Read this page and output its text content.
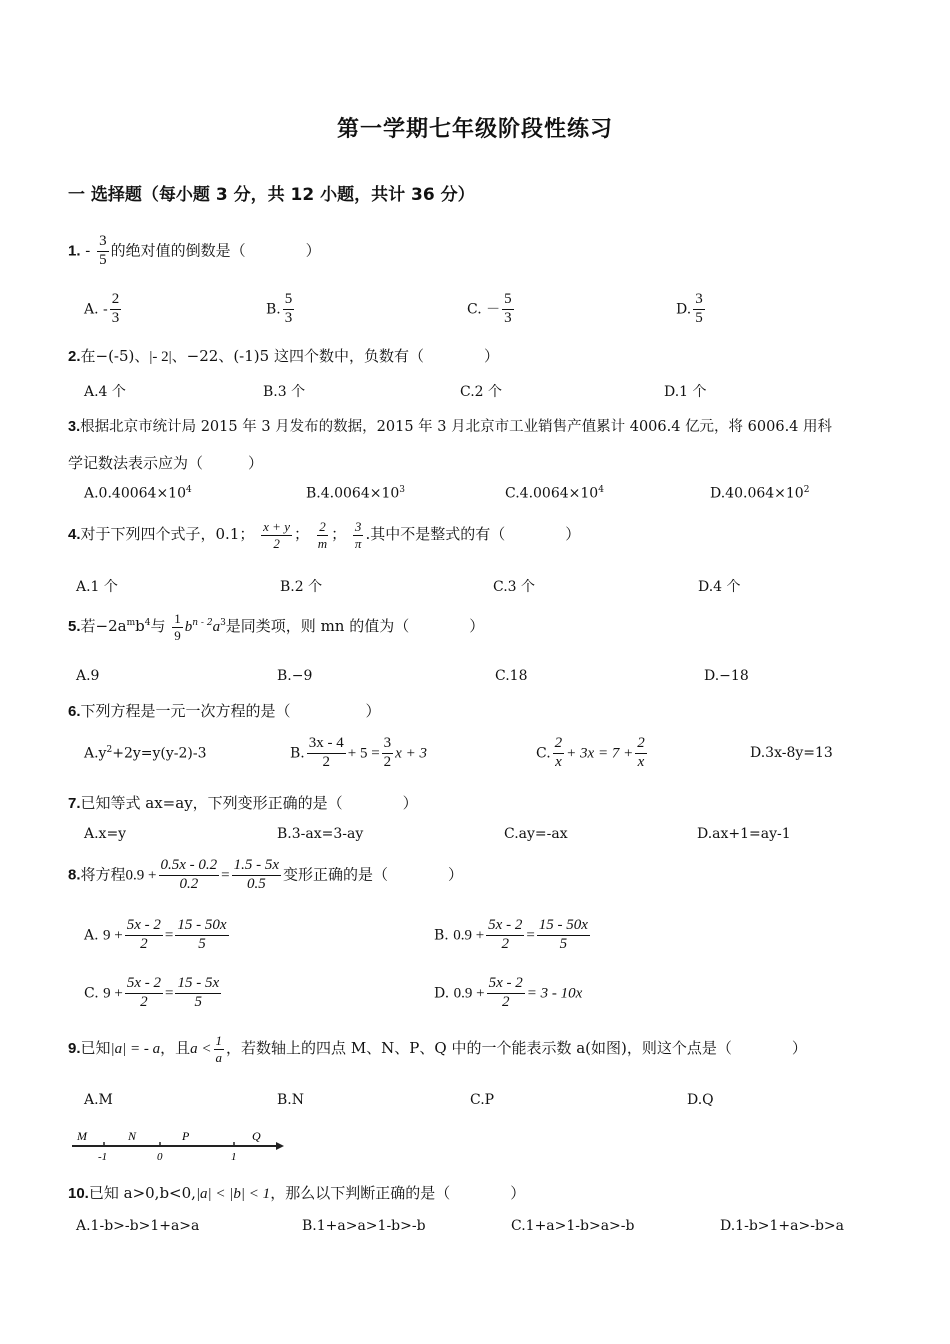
第一学期七年级阶段性练习
一 选择题（每小题 3 分，共 12 小题，共计 36 分）
1. - $\frac{3}{5}$ 的绝对值的倒数是（　　　　）
A. - $\frac{2}{3}$	B. $\frac{5}{3}$	C. － $\frac{5}{3}$	D. $\frac{3}{5}$
2.在−(-5)、|- 2|、−22、(-1)5 这四个数中，负数有（　　　　）
A.4 个	B.3 个	C.2 个	D.1 个
3.根据北京市统计局 2015 年 3 月发布的数据，2015 年 3 月北京市工业销售产值累计 4006.4 亿元，将 6006.4 用科
学记数法表示应为（　　　）
$A.0.40064\times 10^4$	$B.4.0064\times 10^3$	$C.4.0064\times 10^4$	$D.40.064\times 10^2$
4.对于下列四个式子，0.1； $\frac{x + y}{2}$ ； $\frac{2}{m}$ ； $\frac{3}{\pi}$ .其中不是整式的有（　　　　）
A.1 个	B.2 个	C.3 个	D.4 个
5.若$-2a^mb^4$与 $\frac{1}{9} b^{n - 2}a^3$是同类项，则 mn 的值为（　　　　）
A.9	B.−9	C.18	D.−18
6.下列方程是一元一次方程的是（　　　　　）
$A.y^2+2y=y(y-2)-3$	B. $\frac{3x - 4}{2} + 5 = \frac{3}{2}$ x + 3	C. $\frac{2}{x} + 3x = 7 + \frac{2}{x}$	D.3x-8y=13
7.已知等式 ax=ay，下列变形正确的是（　　　　）
A.x=y	B.3-ax=3-ay	C.ay=-ax	D.ax+1=ay-1
8.将方程$0.9 + \frac{0.5x - 0.2}{0.2} = \frac{1.5 - 5x}{0.5}$ 变形正确的是（　　　　）
A. $9 + \frac{5x - 2}{2} = \frac{15 - 50x}{5}$	B. $0.9 + \frac{5x - 2}{2} = \frac{15 - 50x}{5}$
C. $9 + \frac{5x - 2}{2} = \frac{15 - 5x}{5}$	D. $0.9 + \frac{5x - 2}{2} = 3 - 10x$
9.已知|a| = - a，且$a < \frac{1}{a}$ ，若数轴上的四点 M、N、P、Q 中的一个能表示数 a(如图)，则这个点是（　　　　）
A.M	B.N	C.P	D.Q
M	N	P	Q
-1	0	1
10.已知 a>0,b<0,|a| < |b| < 1，那么以下判断正确的是（　　　　）
A.1-b>-b>1+a>a	B.1+a>a>1-b>-b	C.1+a>1-b>a>-b	D.1-b>1+a>-b>a
